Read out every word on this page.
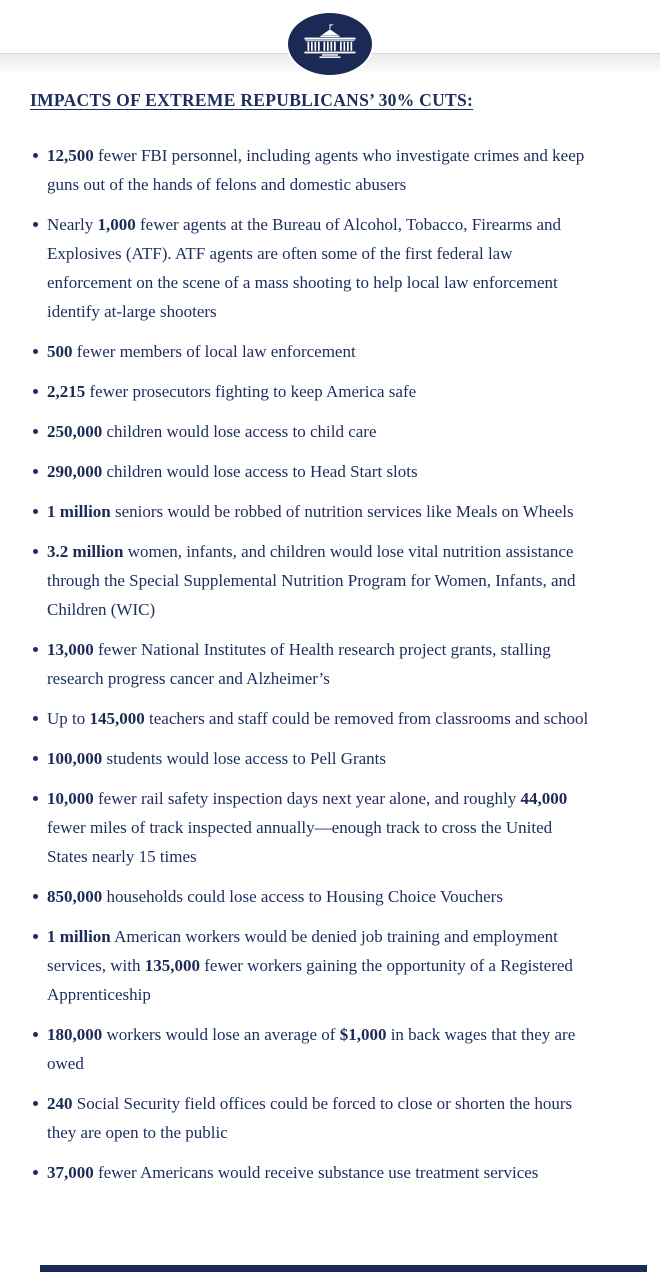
IMPACTS OF EXTREME REPUBLICANS’ 30% CUTS:
12,500 fewer FBI personnel, including agents who investigate crimes and keep guns out of the hands of felons and domestic abusers
Nearly 1,000 fewer agents at the Bureau of Alcohol, Tobacco, Firearms and Explosives (ATF). ATF agents are often some of the first federal law enforcement on the scene of a mass shooting to help local law enforcement identify at-large shooters
500 fewer members of local law enforcement
2,215 fewer prosecutors fighting to keep America safe
250,000 children would lose access to child care
290,000 children would lose access to Head Start slots
1 million seniors would be robbed of nutrition services like Meals on Wheels
3.2 million women, infants, and children would lose vital nutrition assistance through the Special Supplemental Nutrition Program for Women, Infants, and Children (WIC)
13,000 fewer National Institutes of Health research project grants, stalling research progress cancer and Alzheimer’s
Up to 145,000 teachers and staff could be removed from classrooms and school
100,000 students would lose access to Pell Grants
10,000 fewer rail safety inspection days next year alone, and roughly 44,000 fewer miles of track inspected annually—enough track to cross the United States nearly 15 times
850,000 households could lose access to Housing Choice Vouchers
1 million American workers would be denied job training and employment services, with 135,000 fewer workers gaining the opportunity of a Registered Apprenticeship
180,000 workers would lose an average of $1,000 in back wages that they are owed
240 Social Security field offices could be forced to close or shorten the hours they are open to the public
37,000 fewer Americans would receive substance use treatment services
